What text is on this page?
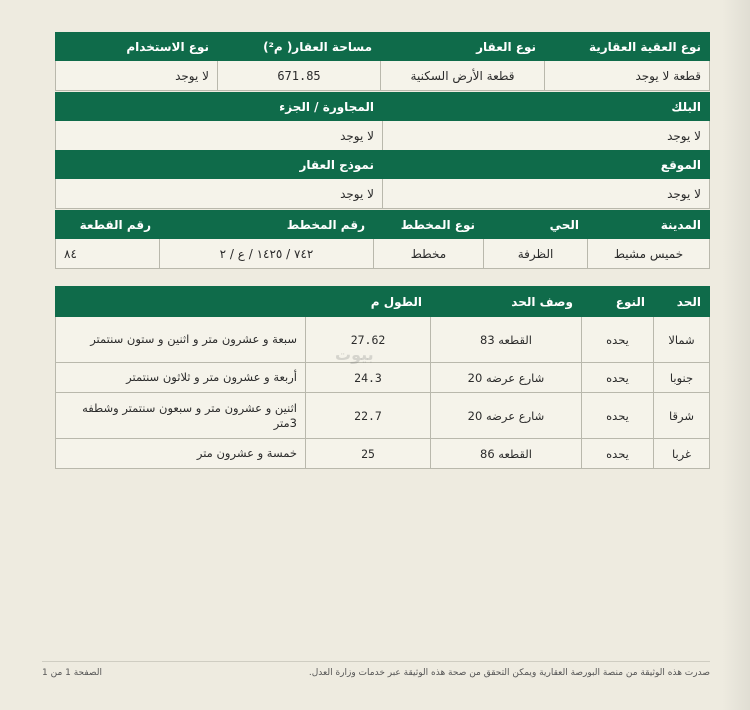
نوع الاستخدام	مساحة العقار( م²)	نوع العقار	نوع العقية العقارية
لا يوجد	671.85	قطعة الأرض السكنية	قطعة لا يوجد
المجاورة / الجزء	البلك
لا يوجد	لا يوجد
نموذج العقار	الموقع
لا يوجد	لا يوجد
رقم القطعة	رقم المخطط	نوع المخطط	الحي	المدينة
٨٤	٧٤٢ / ١٤٢٥ / ع / ٢	مخطط	الظرفة	خميس مشيط
الطول م		وصف الحد	النوع	الحد
سبعة و عشرون متر و اثنين و ستون سنتمتر	27.62	القطعه 83	يحده	شمالا
أربعة و عشرون متر و ثلاثون سنتمتر	24.3	شارع عرضه 20	يحده	جنوبا
اثنين و عشرون متر و سبعون سنتمتر وشطفه 3متر	22.7	شارع عرضه 20	يحده	شرقا
خمسة و عشرون متر	25	القطعه 86	يحده	غربا
بيوت
الصفحة 1 من 1	صدرت هذه الوثيقة من منصة البورصة العقارية ويمكن التحقق من صحة هذه الوثيقة عبر خدمات وزارة العدل.
